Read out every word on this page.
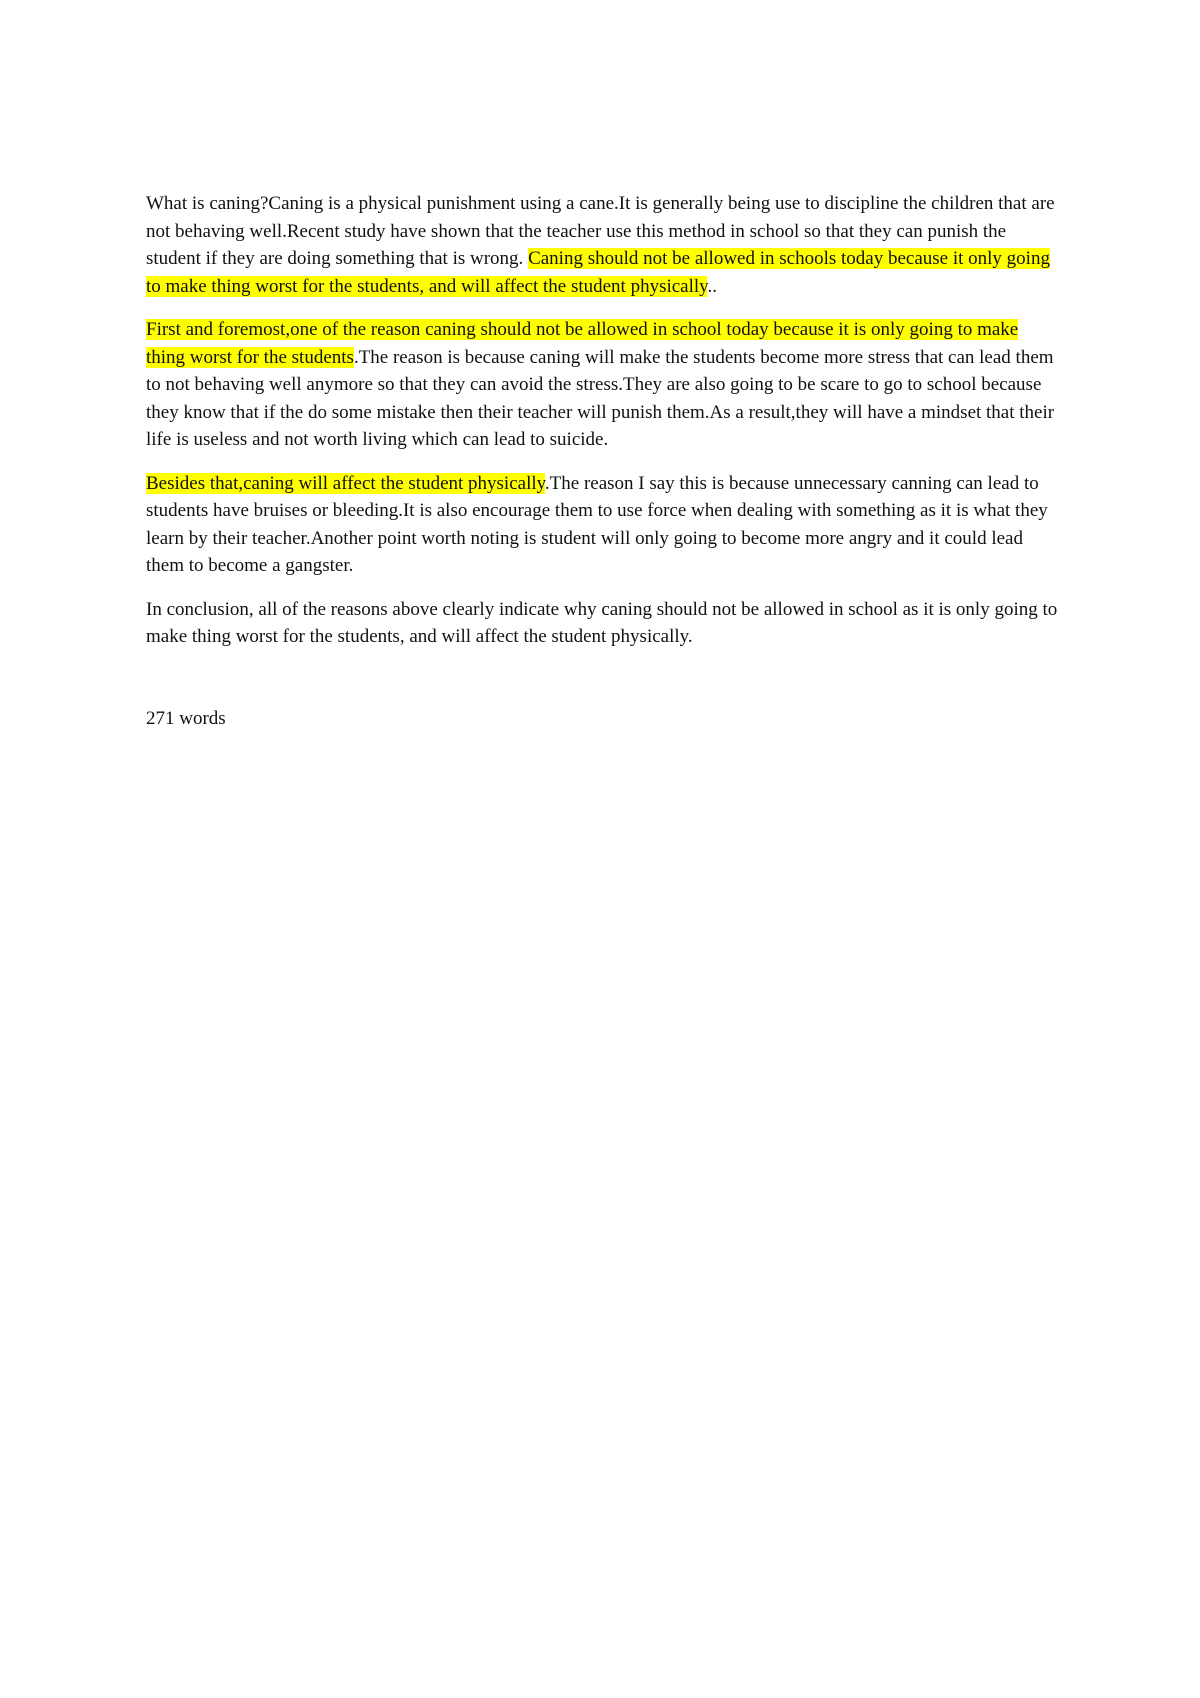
What is caning?Caning is a physical punishment using a cane.It is generally being use to discipline the children that are not behaving well.Recent study have shown that the teacher use this method in school so that they can punish the student if they are doing something that is wrong. Caning should not be allowed in schools today because it only going to make thing worst for the students, and will affect the student physically..

First and foremost,one of the reason caning should not be allowed in school today because it is only going to make thing worst for the students.The reason is because caning will make the students become more stress that can lead them to not behaving well anymore so that they can avoid the stress.They are also going to be scare to go to school because they know that if the do some mistake then their teacher will punish them.As a result,they will have a mindset that their life is useless and not worth living which can lead to suicide.

Besides that,caning will affect the student physically.The reason I say this is because unnecessary canning can lead to students have bruises or bleeding.It is also encourage them to use force when dealing with something as it is what they learn by their teacher.Another point worth noting is student will only going to become more angry and it could lead them to become a gangster.

In conclusion, all of the reasons above clearly indicate why caning should not be allowed in school as it is only going to make thing worst for the students, and will affect the student physically.

271 words
